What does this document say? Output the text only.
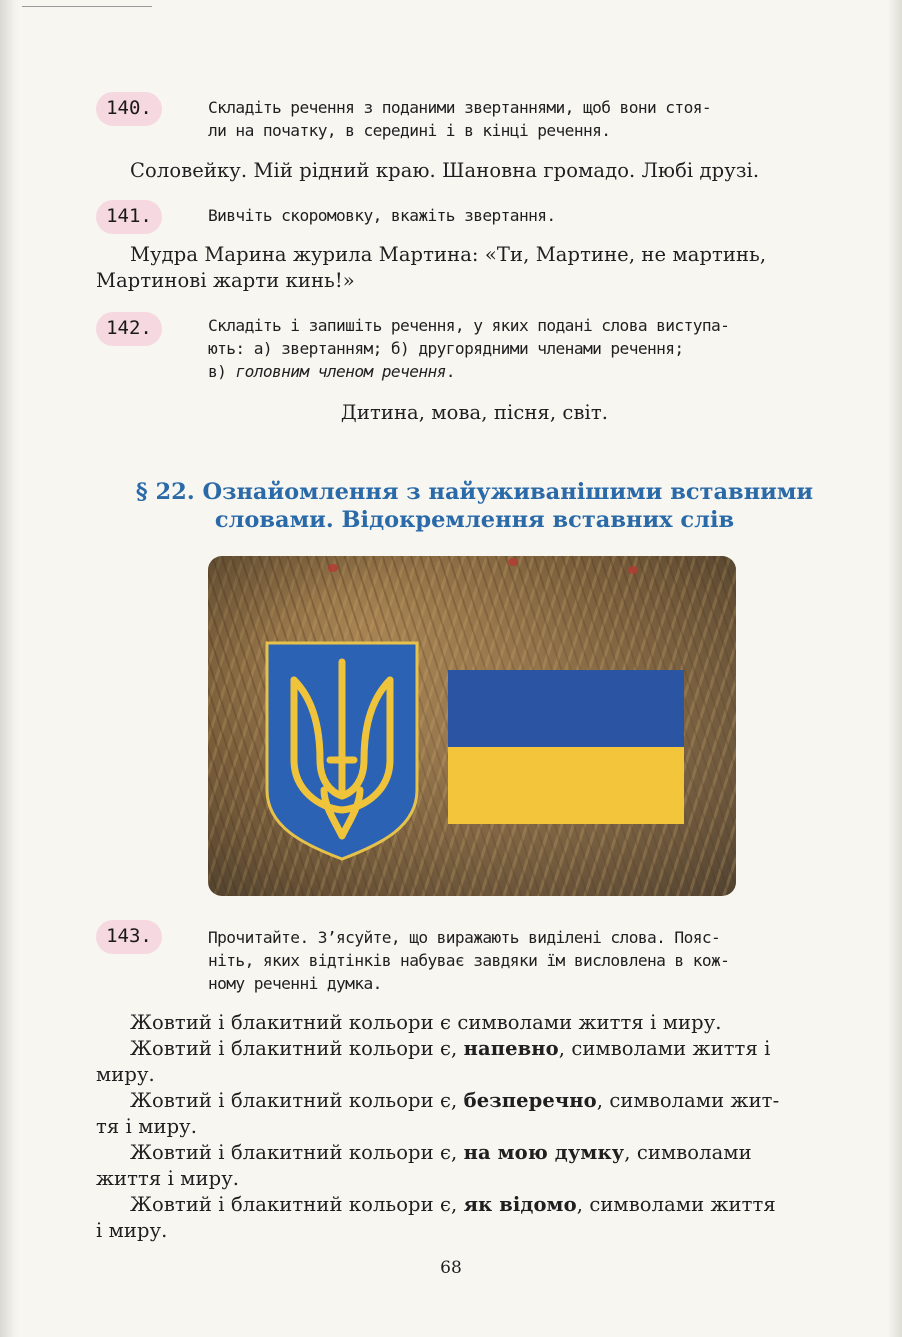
140.	Складіть речення з поданими звертаннями, щоб вони стоя-
ли на початку, в середині і в кінці речення.
Соловейку. Мій рідний краю. Шановна громадо. Любі друзі.
141.	Вивчіть скоромовку, вкажіть звертання.
Мудра Марина журила Мартина: «Ти, Мартине, не мартинь,
Мартинові жарти кинь!»
142.	Складіть і запишіть речення, у яких подані слова виступа-
ють: а) звертанням; б) другорядними членами речення;
в) головним членом речення.
Дитина, мова, пісня, світ.
§ 22. Ознайомлення з найуживанішими вставними
словами. Відокремлення вставних слів
143.	Прочитайте. З’ясуйте, що виражають виділені слова. Пояс-
ніть, яких відтінків набуває завдяки їм висловлена в кож-
ному реченні думка.
Жовтий і блакитний кольори є символами життя і миру.
Жовтий і блакитний кольори є, напевно, символами життя і
миру.
Жовтий і блакитний кольори є, безперечно, символами жит-
тя і миру.
Жовтий і блакитний кольори є, на мою думку, символами
життя і миру.
Жовтий і блакитний кольори є, як відомо, символами життя
і миру.
68
